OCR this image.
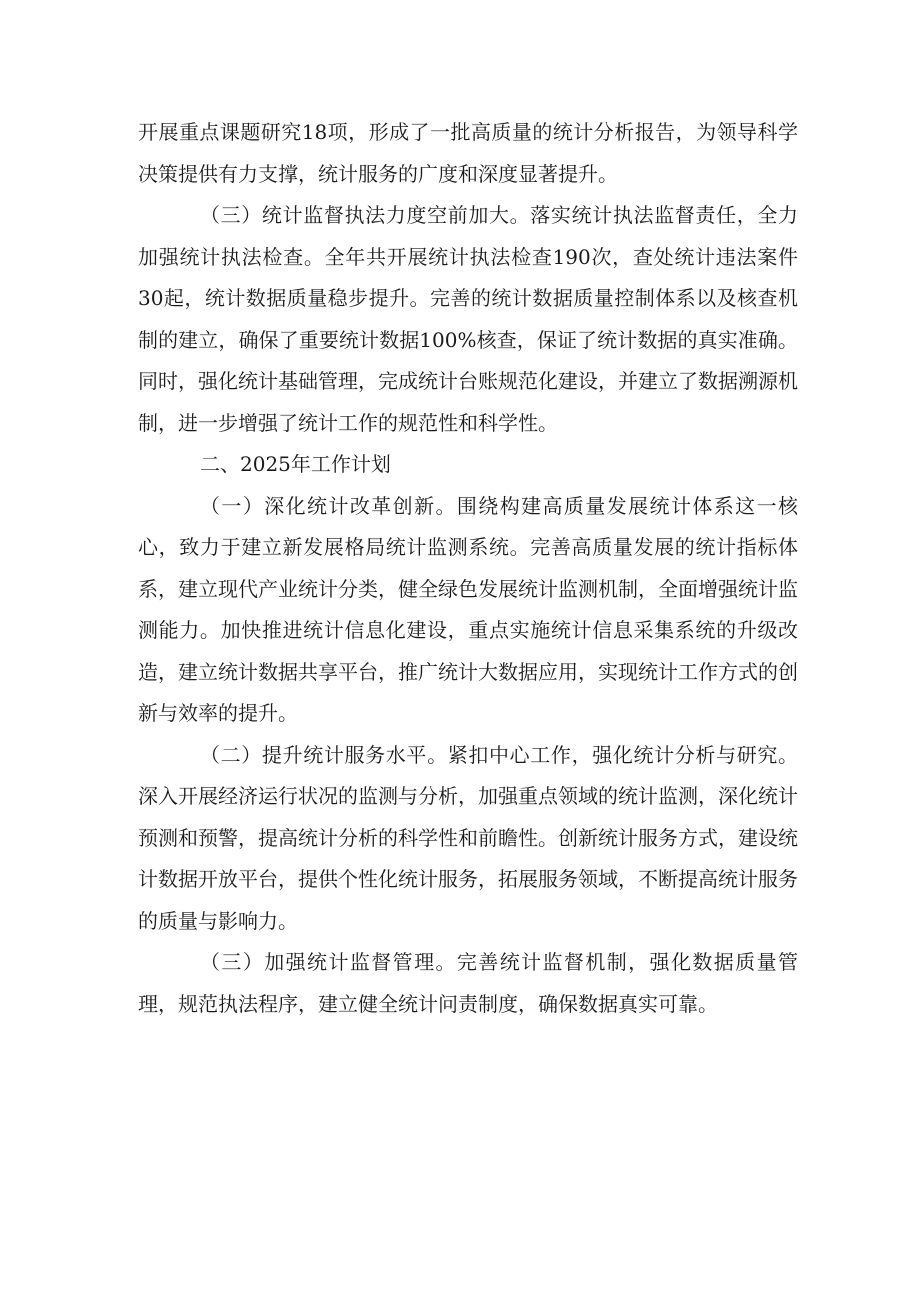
开展重点课题研究18项，形成了一批高质量的统计分析报告，为领导科学决策提供有力支撑，统计服务的广度和深度显著提升。

（三）统计监督执法力度空前加大。落实统计执法监督责任，全力加强统计执法检查。全年共开展统计执法检查190次，查处统计违法案件30起，统计数据质量稳步提升。完善的统计数据质量控制体系以及核查机制的建立，确保了重要统计数据100%核查，保证了统计数据的真实准确。同时，强化统计基础管理，完成统计台账规范化建设，并建立了数据溯源机制，进一步增强了统计工作的规范性和科学性。

二、2025年工作计划

（一）深化统计改革创新。围绕构建高质量发展统计体系这一核心，致力于建立新发展格局统计监测系统。完善高质量发展的统计指标体系，建立现代产业统计分类，健全绿色发展统计监测机制，全面增强统计监测能力。加快推进统计信息化建设，重点实施统计信息采集系统的升级改造，建立统计数据共享平台，推广统计大数据应用，实现统计工作方式的创新与效率的提升。

（二）提升统计服务水平。紧扣中心工作，强化统计分析与研究。深入开展经济运行状况的监测与分析，加强重点领域的统计监测，深化统计预测和预警，提高统计分析的科学性和前瞻性。创新统计服务方式，建设统计数据开放平台，提供个性化统计服务，拓展服务领域，不断提高统计服务的质量与影响力。

（三）加强统计监督管理。完善统计监督机制，强化数据质量管理，规范执法程序，建立健全统计问责制度，确保数据真实可靠。
